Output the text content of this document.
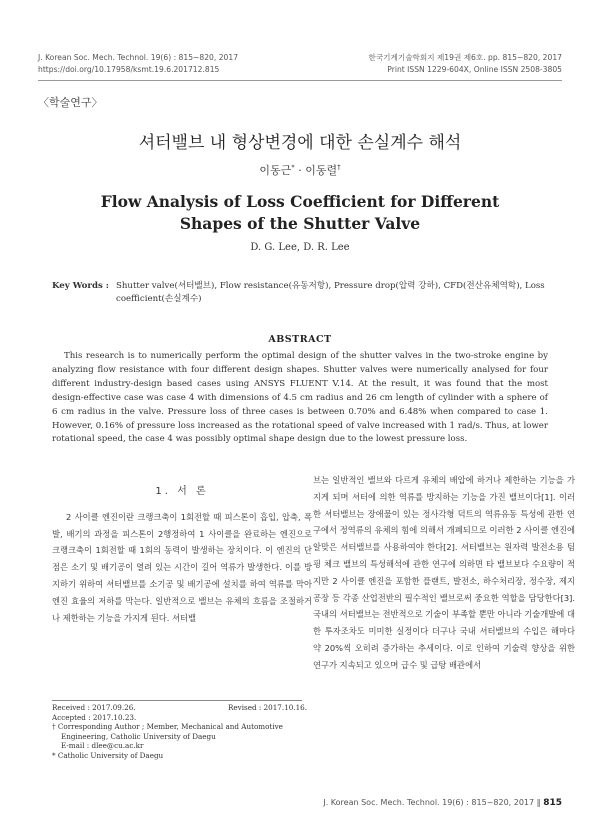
J. Korean Soc. Mech. Technol. 19(6) : 815~820, 2017
https://doi.org/10.17958/ksmt.19.6.201712.815
한국기계기술학회지 제19권 제6호. pp. 815~820, 2017
Print ISSN 1229-604X, Online ISSN 2508-3805
〈학술연구〉
셔터밸브 내 형상변경에 대한 손실계수 해석
이동근* · 이동렬†
Flow Analysis of Loss Coefficient for Different
Shapes of the Shutter Valve
D. G. Lee, D. R. Lee
Key Words : Shutter valve(셔터밸브), Flow resistance(유동저항), Pressure drop(압력 강하), CFD(전산유체역학), Loss coefficient(손실계수)
ABSTRACT
This research is to numerically perform the optimal design of the shutter valves in the two-stroke engine by analyzing flow resistance with four different design shapes. Shutter valves were numerically analysed for four different industry-design based cases using ANSYS FLUENT V.14. At the result, it was found that the most design-effective case was case 4 with dimensions of 4.5 cm radius and 26 cm length of cylinder with a sphere of 6 cm radius in the valve. Pressure loss of three cases is between 0.70% and 6.48% when compared to case 1. However, 0.16% of pressure loss increased as the rotational speed of valve increased with 1 rad/s. Thus, at lower rotational speed, the case 4 was possibly optimal shape design due to the lowest pressure loss.
1. 서 론

2 사이클 엔진이란 크랭크축이 1회전할 때 피스톤이 흡입, 압축, 폭발, 배기의 과정을 피스톤이 2행정하여 1 사이클을 완료하는 엔진으로 크랭크축이 1회전할 때 1회의 동력이 발생하는 장치이다. 이 엔진의 단점은 소기 및 배기공이 열려 있는 시간이 길어 역류가 발생한다. 이를 방지하기 위하여 셔터밸브를 소기공 및 배기공에 설치를 하여 역류를 막아 엔진 효율의 저하를 막는다. 일반적으로 밸브는 유체의 흐름을 조절하거나 제한하는 기능을 가지게 된다. 셔터밸

브는 일반적인 밸브와 다르게 유체의 배압에 하거나 제한하는 기능을 가지게 되며 셔터에 의한 역류를 방지하는 기능을 가진 밸브이다[1]. 이러한 셔터밸브는 장애물이 있는 정사각형 덕트의 역류유동 특성에 관한 연구에서 정역류의 유체의 힘에 의해서 개폐되므로 이러한 2 사이클 엔진에 알맞은 셔터밸브를 사용하여야 한다[2]. 셔터밸브는 원자력 발전소용 팀핑 체크 밸브의 특성해석에 관한 연구에 의하면 타 밸브보다 수요량이 적지만 2 사이클 엔진을 포함한 플랜트, 발전소, 하수처리장, 정수장, 제지공장 등 각종 산업전반의 필수적인 밸브로써 중요한 역할을 담당한다[3]. 국내의 셔터밸브는 전반적으로 기술이 부족할 뿐만 아니라 기술개발에 대한 투자조차도 미미한 실정이다 더구나 국내 셔터밸브의 수입은 해마다 약 20%씩 오히려 증가하는 추세이다. 이로 인하여 기술력 향상을 위한 연구가 지속되고 있으며 급수 및 급탕 배관에서

Received : 2017.09.26.	Revised : 2017.10.16.
Accepted : 2017.10.23.
† Corresponding Author ; Member, Mechanical and Automotive Engineering, Catholic University of Daegu
E-mail : dlee@cu.ac.kr
* Catholic University of Daegu
J. Korean Soc. Mech. Technol. 19(6) : 815~820, 2017 ‖ 815
